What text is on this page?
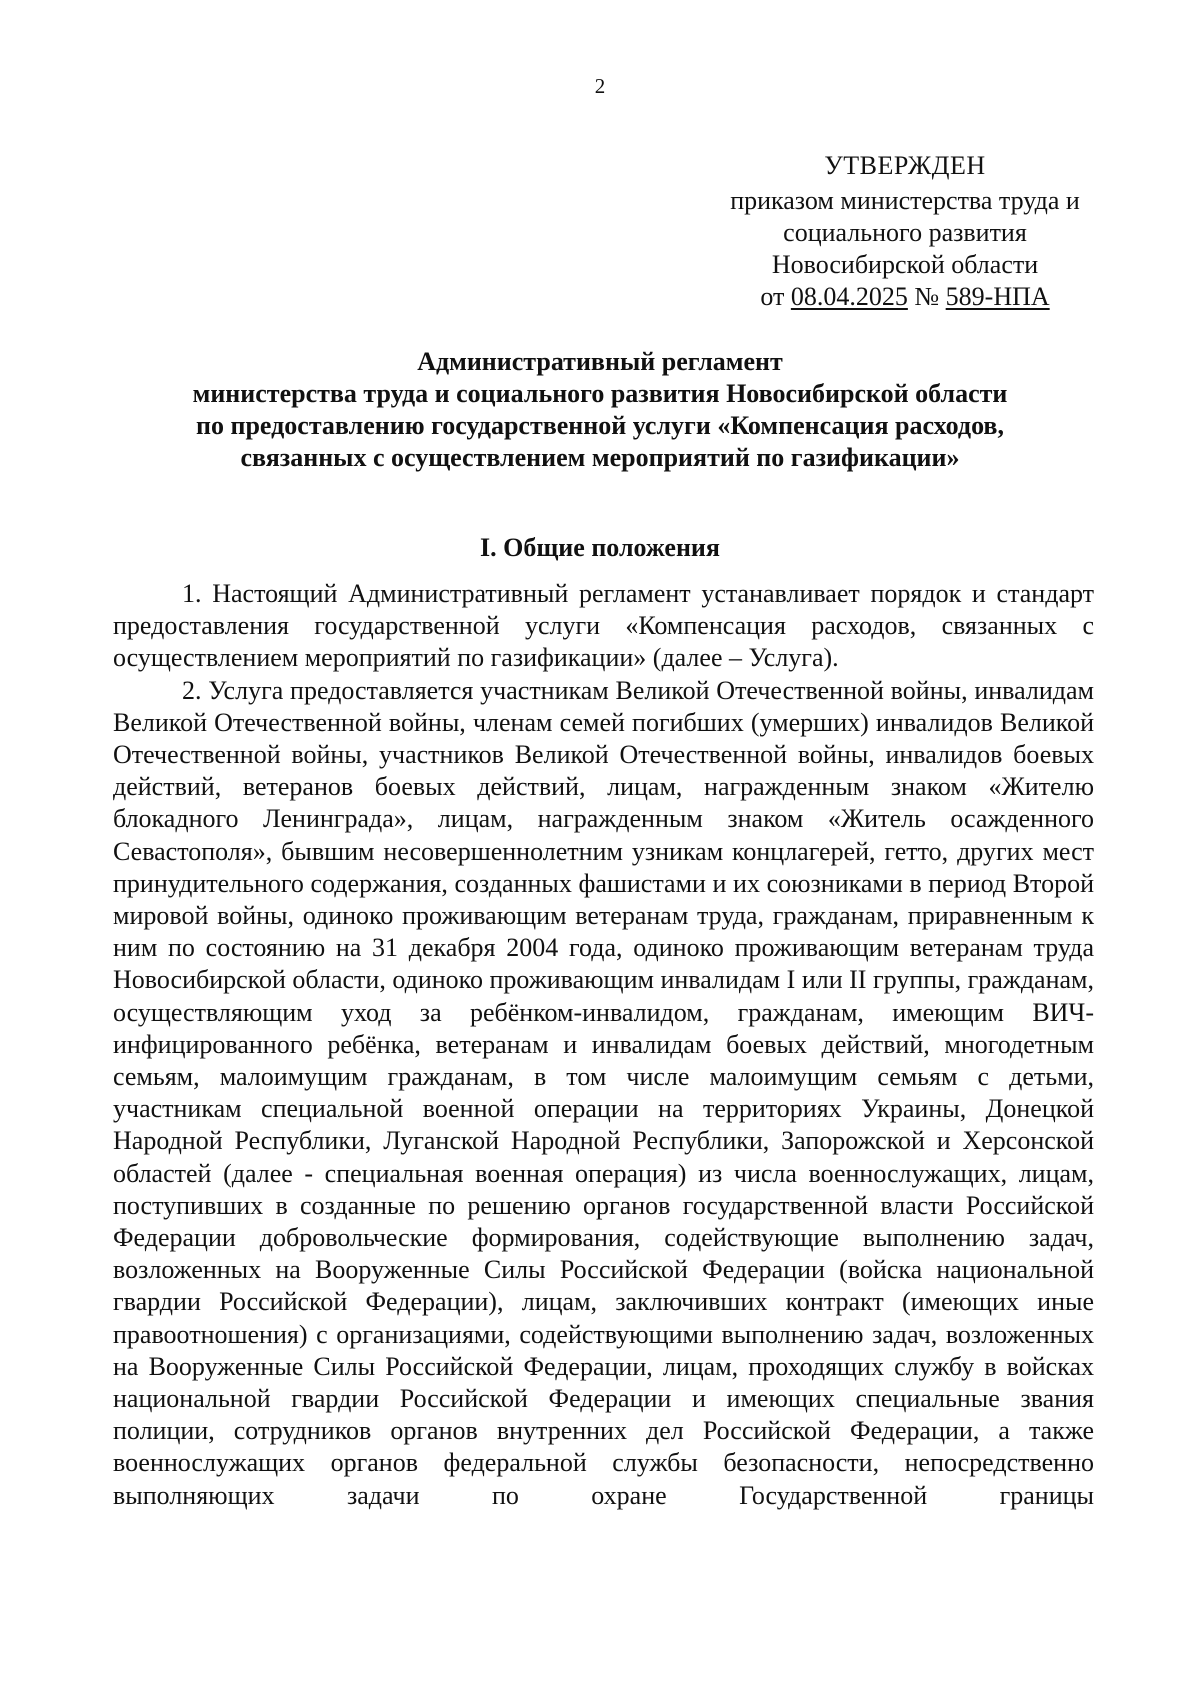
2
УТВЕРЖДЕН
приказом министерства труда и
социального развития
Новосибирской области
от 08.04.2025 № 589-НПА
Административный регламент
министерства труда и социального развития Новосибирской области
по предоставлению государственной услуги «Компенсация расходов,
связанных с осуществлением мероприятий по газификации»
I. Общие положения

1. Настоящий Административный регламент устанавливает порядок и стандарт предоставления государственной услуги «Компенсация расходов, связанных с осуществлением мероприятий по газификации» (далее – Услуга).

2. Услуга предоставляется участникам Великой Отечественной войны, инвалидам Великой Отечественной войны, членам семей погибших (умерших) инвалидов Великой Отечественной войны, участников Великой Отечественной войны, инвалидов боевых действий, ветеранов боевых действий, лицам, награжденным знаком «Жителю блокадного Ленинграда», лицам, награжденным знаком «Житель осажденного Севастополя», бывшим несовершеннолетним узникам концлагерей, гетто, других мест принудительного содержания, созданных фашистами и их союзниками в период Второй мировой войны, одиноко проживающим ветеранам труда, гражданам, приравненным к ним по состоянию на 31 декабря 2004 года, одиноко проживающим ветеранам труда Новосибирской области, одиноко проживающим инвалидам I или II группы, гражданам, осуществляющим уход за ребёнком-инвалидом, гражданам, имеющим ВИЧ-инфицированного ребёнка, ветеранам и инвалидам боевых действий, многодетным семьям, малоимущим гражданам, в том числе малоимущим семьям с детьми, участникам специальной военной операции на территориях Украины, Донецкой Народной Республики, Луганской Народной Республики, Запорожской и Херсонской областей (далее - специальная военная операция) из числа военнослужащих, лицам, поступивших в созданные по решению органов государственной власти Российской Федерации добровольческие формирования, содействующие выполнению задач, возложенных на Вооруженные Силы Российской Федерации (войска национальной гвардии Российской Федерации), лицам, заключивших контракт (имеющих иные правоотношения) с организациями, содействующими выполнению задач, возложенных на Вооруженные Силы Российской Федерации, лицам, проходящих службу в войсках национальной гвардии Российской Федерации и имеющих специальные звания полиции, сотрудников органов внутренних дел Российской Федерации, а также военнослужащих органов федеральной службы безопасности, непосредственно выполняющих задачи по охране Государственной границы
